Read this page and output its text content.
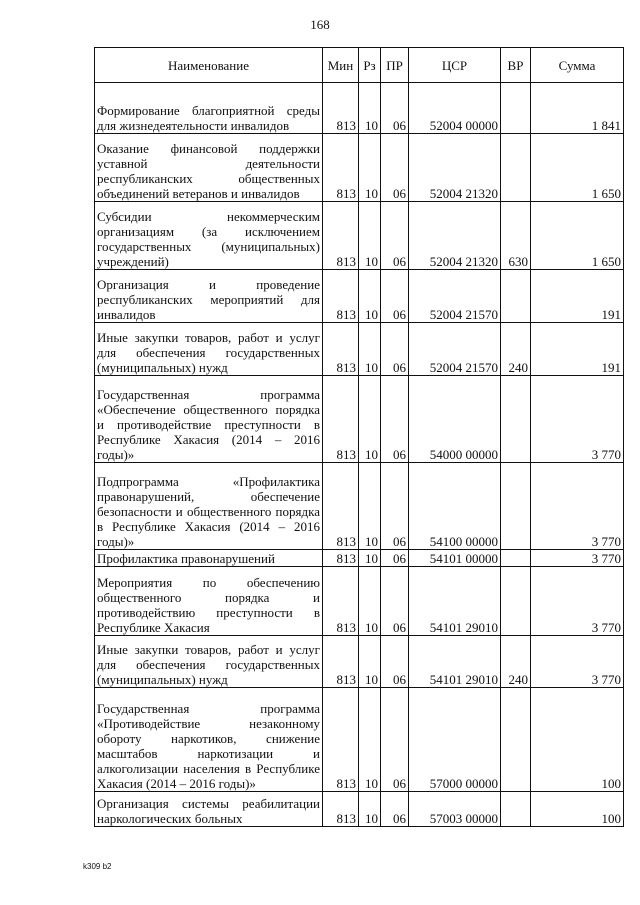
168
Наименование	Мин	Рз	ПР	ЦСР	ВР	Сумма
Формирование благоприятной среды для жизнедеятельности инвалидов	813	10	06	52004 00000		1 841
Оказание финансовой поддержки уставной деятельности республиканских общественных объединений ветеранов и инвалидов	813	10	06	52004 21320		1 650
Субсидии некоммерческим организациям (за исключением государственных (муниципальных) учреждений)	813	10	06	52004 21320	630	1 650
Организация и проведение республиканских мероприятий для инвалидов	813	10	06	52004 21570		191
Иные закупки товаров, работ и услуг для обеспечения государственных (муниципальных) нужд	813	10	06	52004 21570	240	191
Государственная программа «Обеспечение общественного порядка и противодействие преступности в Республике Хакасия (2014 – 2016 годы)»	813	10	06	54000 00000		3 770
Подпрограмма «Профилактика правонарушений, обеспечение безопасности и общественного порядка в Республике Хакасия (2014 – 2016 годы)»	813	10	06	54100 00000		3 770
Профилактика правонарушений	813	10	06	54101 00000		3 770
Мероприятия по обеспечению общественного порядка и противодействию преступности в Республике Хакасия	813	10	06	54101 29010		3 770
Иные закупки товаров, работ и услуг для обеспечения государственных (муниципальных) нужд	813	10	06	54101 29010	240	3 770
Государственная программа «Противодействие незаконному обороту наркотиков, снижение масштабов наркотизации и алкоголизации населения в Республике Хакасия (2014 – 2016 годы)»	813	10	06	57000 00000		100
Организация системы реабилитации наркологических больных	813	10	06	57003 00000		100
k309 b2
